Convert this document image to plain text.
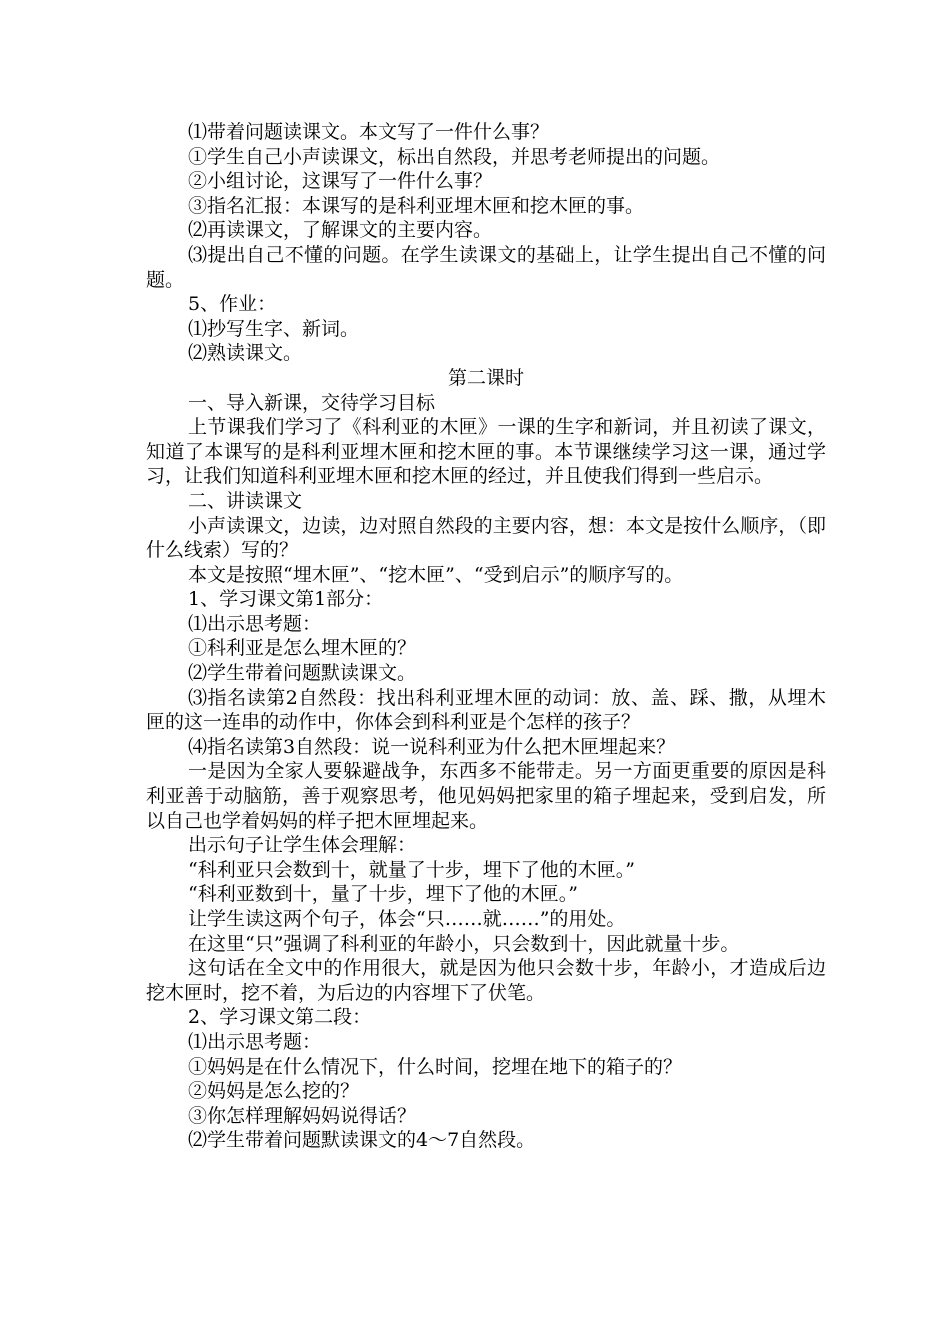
⑴带着问题读课文。本文写了一件什么事？
①学生自己小声读课文，标出自然段，并思考老师提出的问题。
②小组讨论，这课写了一件什么事？
③指名汇报：本课写的是科利亚埋木匣和挖木匣的事。
⑵再读课文，了解课文的主要内容。
⑶提出自己不懂的问题。在学生读课文的基础上，让学生提出自己不懂的问题。
5、作业：
⑴抄写生字、新词。
⑵熟读课文。
第二课时
一、导入新课，交待学习目标
上节课我们学习了《科利亚的木匣》一课的生字和新词，并且初读了课文，知道了本课写的是科利亚埋木匣和挖木匣的事。本节课继续学习这一课，通过学习，让我们知道科利亚埋木匣和挖木匣的经过，并且使我们得到一些启示。
二、讲读课文
小声读课文，边读，边对照自然段的主要内容，想：本文是按什么顺序，（即什么线索）写的？
本文是按照“埋木匣”、“挖木匣”、“受到启示”的顺序写的。
1、学习课文第1部分：
⑴出示思考题：
①科利亚是怎么埋木匣的？
⑵学生带着问题默读课文。
⑶指名读第2自然段：找出科利亚埋木匣的动词：放、盖、踩、撒，从埋木匣的这一连串的动作中，你体会到科利亚是个怎样的孩子？
⑷指名读第3自然段：说一说科利亚为什么把木匣埋起来？
一是因为全家人要躲避战争，东西多不能带走。另一方面更重要的原因是科利亚善于动脑筋，善于观察思考，他见妈妈把家里的箱子埋起来，受到启发，所以自己也学着妈妈的样子把木匣埋起来。
出示句子让学生体会理解：
“科利亚只会数到十，就量了十步，埋下了他的木匣。”
“科利亚数到十，量了十步，埋下了他的木匣。”
让学生读这两个句子，体会“只……就……”的用处。
在这里“只”强调了科利亚的年龄小，只会数到十，因此就量十步。
这句话在全文中的作用很大，就是因为他只会数十步，年龄小，才造成后边挖木匣时，挖不着，为后边的内容埋下了伏笔。
2、学习课文第二段：
⑴出示思考题：
①妈妈是在什么情况下，什么时间，挖埋在地下的箱子的？
②妈妈是怎么挖的？
③你怎样理解妈妈说得话？
⑵学生带着问题默读课文的4～7自然段。
